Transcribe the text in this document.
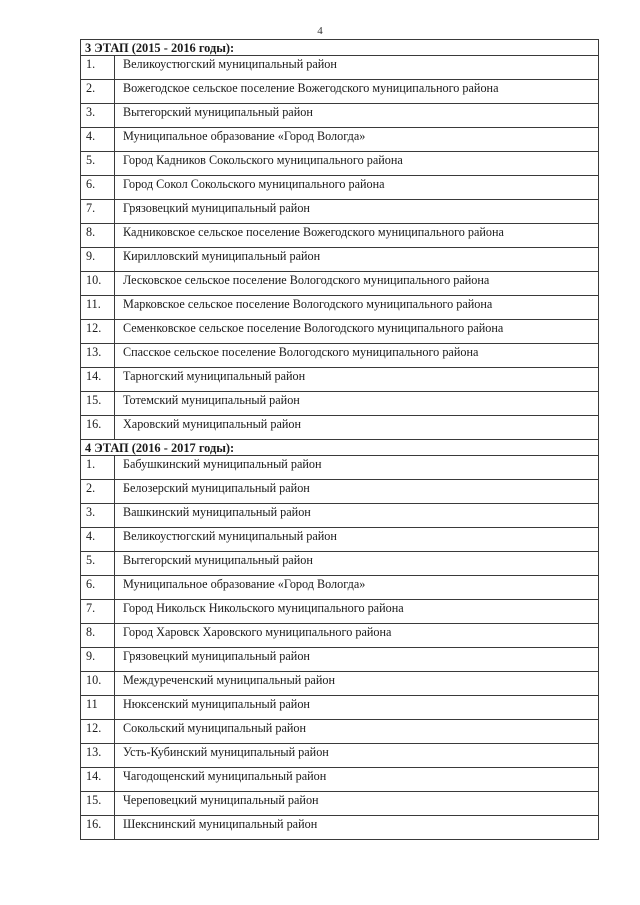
4
3 ЭТАП (2015 - 2016 годы):	
1.	Великоустюгский муниципальный район
2.	Вожегодское сельское поселение Вожегодского муниципального района
3.	Вытегорский муниципальный район
4.	Муниципальное образование «Город Вологда»
5.	Город Кадников Сокольского муниципального района
6.	Город Сокол Сокольского муниципального района
7.	Грязовецкий муниципальный район
8.	Кадниковское сельское поселение Вожегодского муниципального района
9.	Кирилловский муниципальный район
10.	Лесковское сельское поселение Вологодского муниципального района
11.	Марковское сельское поселение Вологодского муниципального района
12.	Семенковское сельское поселение Вологодского муниципального района
13.	Спасское сельское поселение Вологодского муниципального района
14.	Тарногский муниципальный район
15.	Тотемский муниципальный район
16.	Харовский муниципальный район
4 ЭТАП (2016 - 2017 годы):	
1.	Бабушкинский муниципальный район
2.	Белозерский муниципальный район
3.	Вашкинский муниципальный район
4.	Великоустюгский муниципальный район
5.	Вытегорский муниципальный район
6.	Муниципальное образование «Город Вологда»
7.	Город Никольск Никольского муниципального района
8.	Город Харовск Харовского муниципального района
9.	Грязовецкий муниципальный район
10.	Междуреченский муниципальный район
11	Нюксенский муниципальный район
12.	Сокольский муниципальный район
13.	Усть-Кубинский муниципальный район
14.	Чагодощенский муниципальный район
15.	Череповецкий муниципальный район
16.	Шекснинский муниципальный район
